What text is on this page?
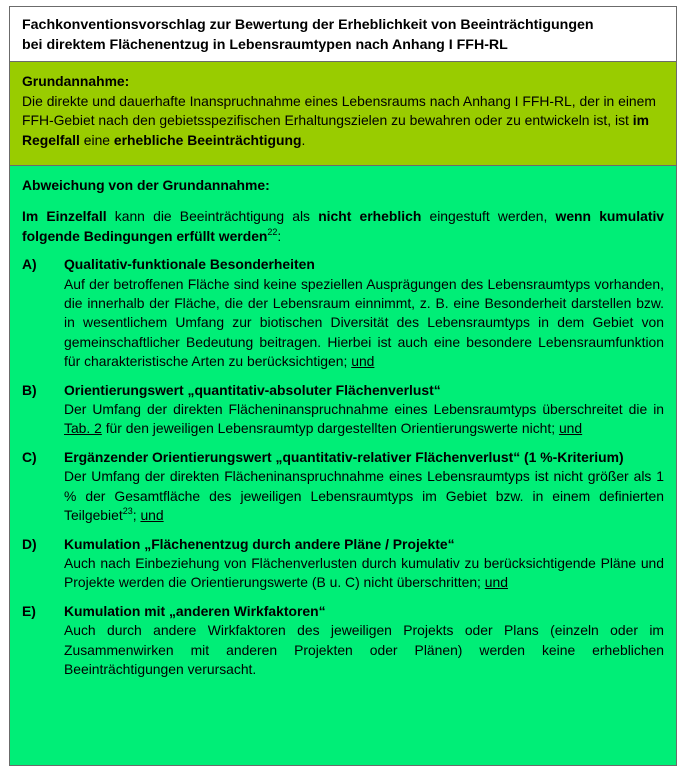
Fachkonventionsvorschlag zur Bewertung der Erheblichkeit von Beeinträchtigungen
bei direktem Flächenentzug in Lebensraumtypen nach Anhang I FFH-RL
Grundannahme:

Die direkte und dauerhafte Inanspruchnahme eines Lebensraums nach Anhang I FFH-RL, der in einem FFH-Gebiet nach den gebietsspezifischen Erhaltungszielen zu bewahren oder zu entwickeln ist, ist im Regelfall eine erhebliche Beeinträchtigung.

Abweichung von der Grundannahme:

Im Einzelfall kann die Beeinträchtigung als nicht erheblich eingestuft werden, wenn kumulativ folgende Bedingungen erfüllt werden$^{22}$:

A)	Qualitativ-funktionale Besonderheiten
Auf der betroffenen Fläche sind keine speziellen Ausprägungen des Lebensraumtyps vorhanden, die innerhalb der Fläche, die der Lebensraum einnimmt, z. B. eine Besonderheit darstellen bzw. in wesentlichem Umfang zur biotischen Diversität des Lebensraumtyps in dem Gebiet von gemeinschaftlicher Bedeutung beitragen. Hierbei ist auch eine besondere Lebensraumfunktion für charakteristische Arten zu berücksichtigen; und
B)	Orientierungswert „quantitativ-absoluter Flächenverlust“
Der Umfang der direkten Flächeninanspruchnahme eines Lebensraumtyps überschreitet die in Tab. 2 für den jeweiligen Lebensraumtyp dargestellten Orientierungswerte nicht; und
C)	Ergänzender Orientierungswert „quantitativ-relativer Flächenverlust“ (1 %-Kriterium)
Der Umfang der direkten Flächeninanspruchnahme eines Lebensraumtyps ist nicht größer als 1 % der Gesamtfläche des jeweiligen Lebensraumtyps im Gebiet bzw. in einem definierten Teilgebiet$^{23}$; und
D)	Kumulation „Flächenentzug durch andere Pläne / Projekte“
Auch nach Einbeziehung von Flächenverlusten durch kumulativ zu berücksichtigende Pläne und Projekte werden die Orientierungswerte (B u. C) nicht überschritten; und
E)	Kumulation mit „anderen Wirkfaktoren“
Auch durch andere Wirkfaktoren des jeweiligen Projekts oder Plans (einzeln oder im Zusammenwirken mit anderen Projekten oder Plänen) werden keine erheblichen Beeinträchtigungen verursacht.
